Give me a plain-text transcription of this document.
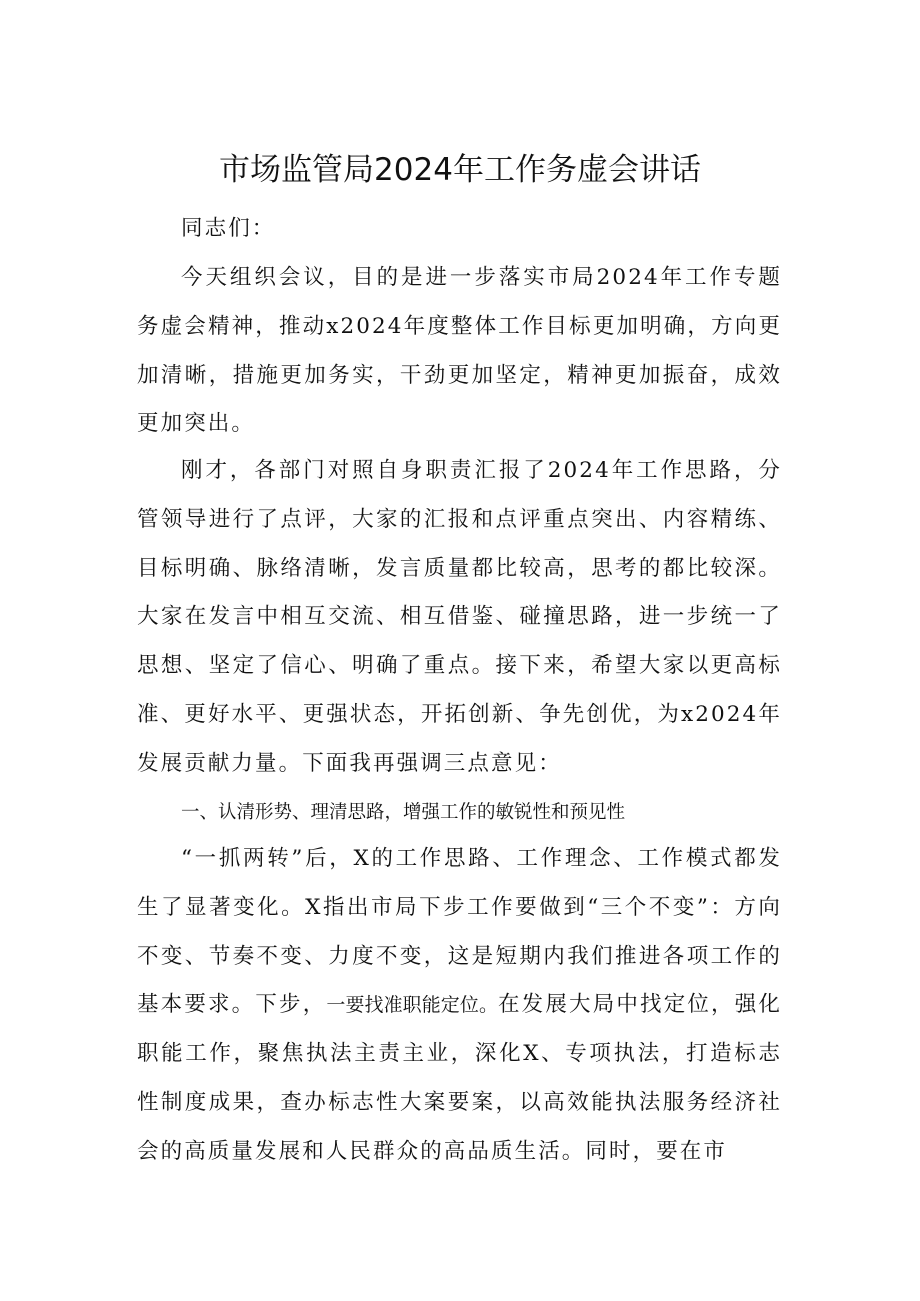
市场监管局2024年工作务虚会讲话
同志们：

今天组织会议，目的是进一步落实市局2024年工作专题务虚会精神，推动x2024年度整体工作目标更加明确，方向更加清晰，措施更加务实，干劲更加坚定，精神更加振奋，成效更加突出。

刚才，各部门对照自身职责汇报了2024年工作思路，分管领导进行了点评，大家的汇报和点评重点突出、内容精练、目标明确、脉络清晰，发言质量都比较高，思考的都比较深。大家在发言中相互交流、相互借鉴、碰撞思路，进一步统一了思想、坚定了信心、明确了重点。接下来，希望大家以更高标准、更好水平、更强状态，开拓创新、争先创优，为x2024年发展贡献力量。下面我再强调三点意见：

一、认清形势、理清思路，增强工作的敏锐性和预见性

“一抓两转”后，X的工作思路、工作理念、工作模式都发生了显著变化。X指出市局下步工作要做到“三个不变”：方向不变、节奏不变、力度不变，这是短期内我们推进各项工作的基本要求。下步，一要找准职能定位。在发展大局中找定位，强化职能工作，聚焦执法主责主业，深化X、专项执法，打造标志性制度成果，查办标志性大案要案，以高效能执法服务经济社会的高质量发展和人民群众的高品质生活。同时，要在市
